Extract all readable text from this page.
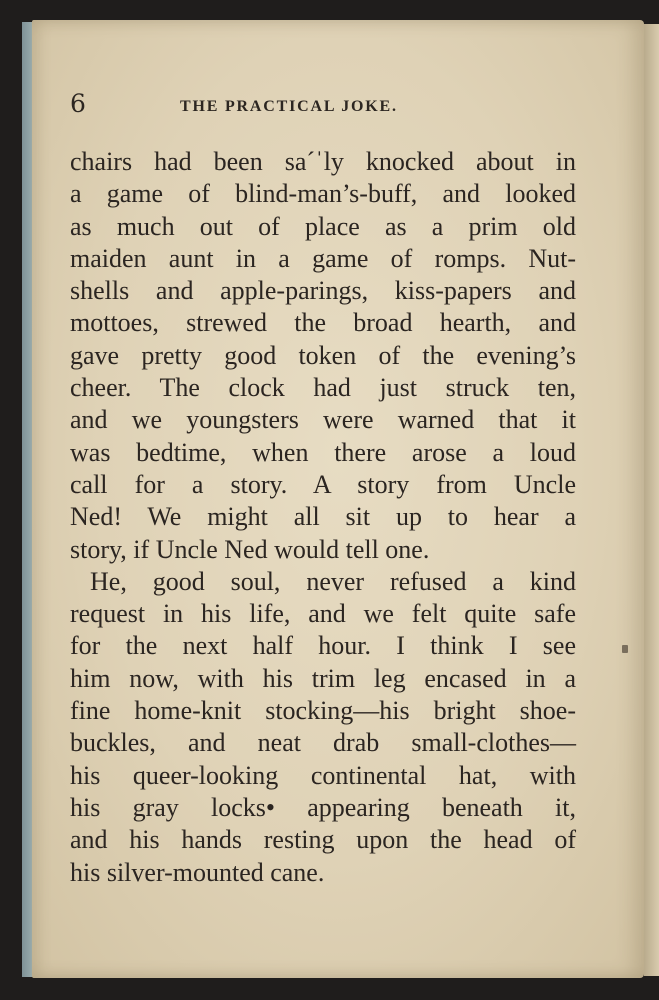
6	THE PRACTICAL JOKE.
chairs had been sa´ˈly knocked about in
a game of blind-man’s-buff, and looked
as much out of place as a prim old
maiden aunt in a game of romps. Nut-
shells and apple-parings, kiss-papers and
mottoes, strewed the broad hearth, and
gave pretty good token of the evening’s
cheer. The clock had just struck ten,
and we youngsters were warned that it
was bedtime, when there arose a loud
call for a story. A story from Uncle
Ned! We might all sit up to hear a
story, if Uncle Ned would tell one.
He, good soul, never refused a kind
request in his life, and we felt quite safe
for the next half hour. I think I see
him now, with his trim leg encased in a
fine home-knit stocking—his bright shoe-
buckles, and neat drab small-clothes—
his queer-looking continental hat, with
his gray locks• appearing beneath it,
and his hands resting upon the head of
his silver-mounted cane.
